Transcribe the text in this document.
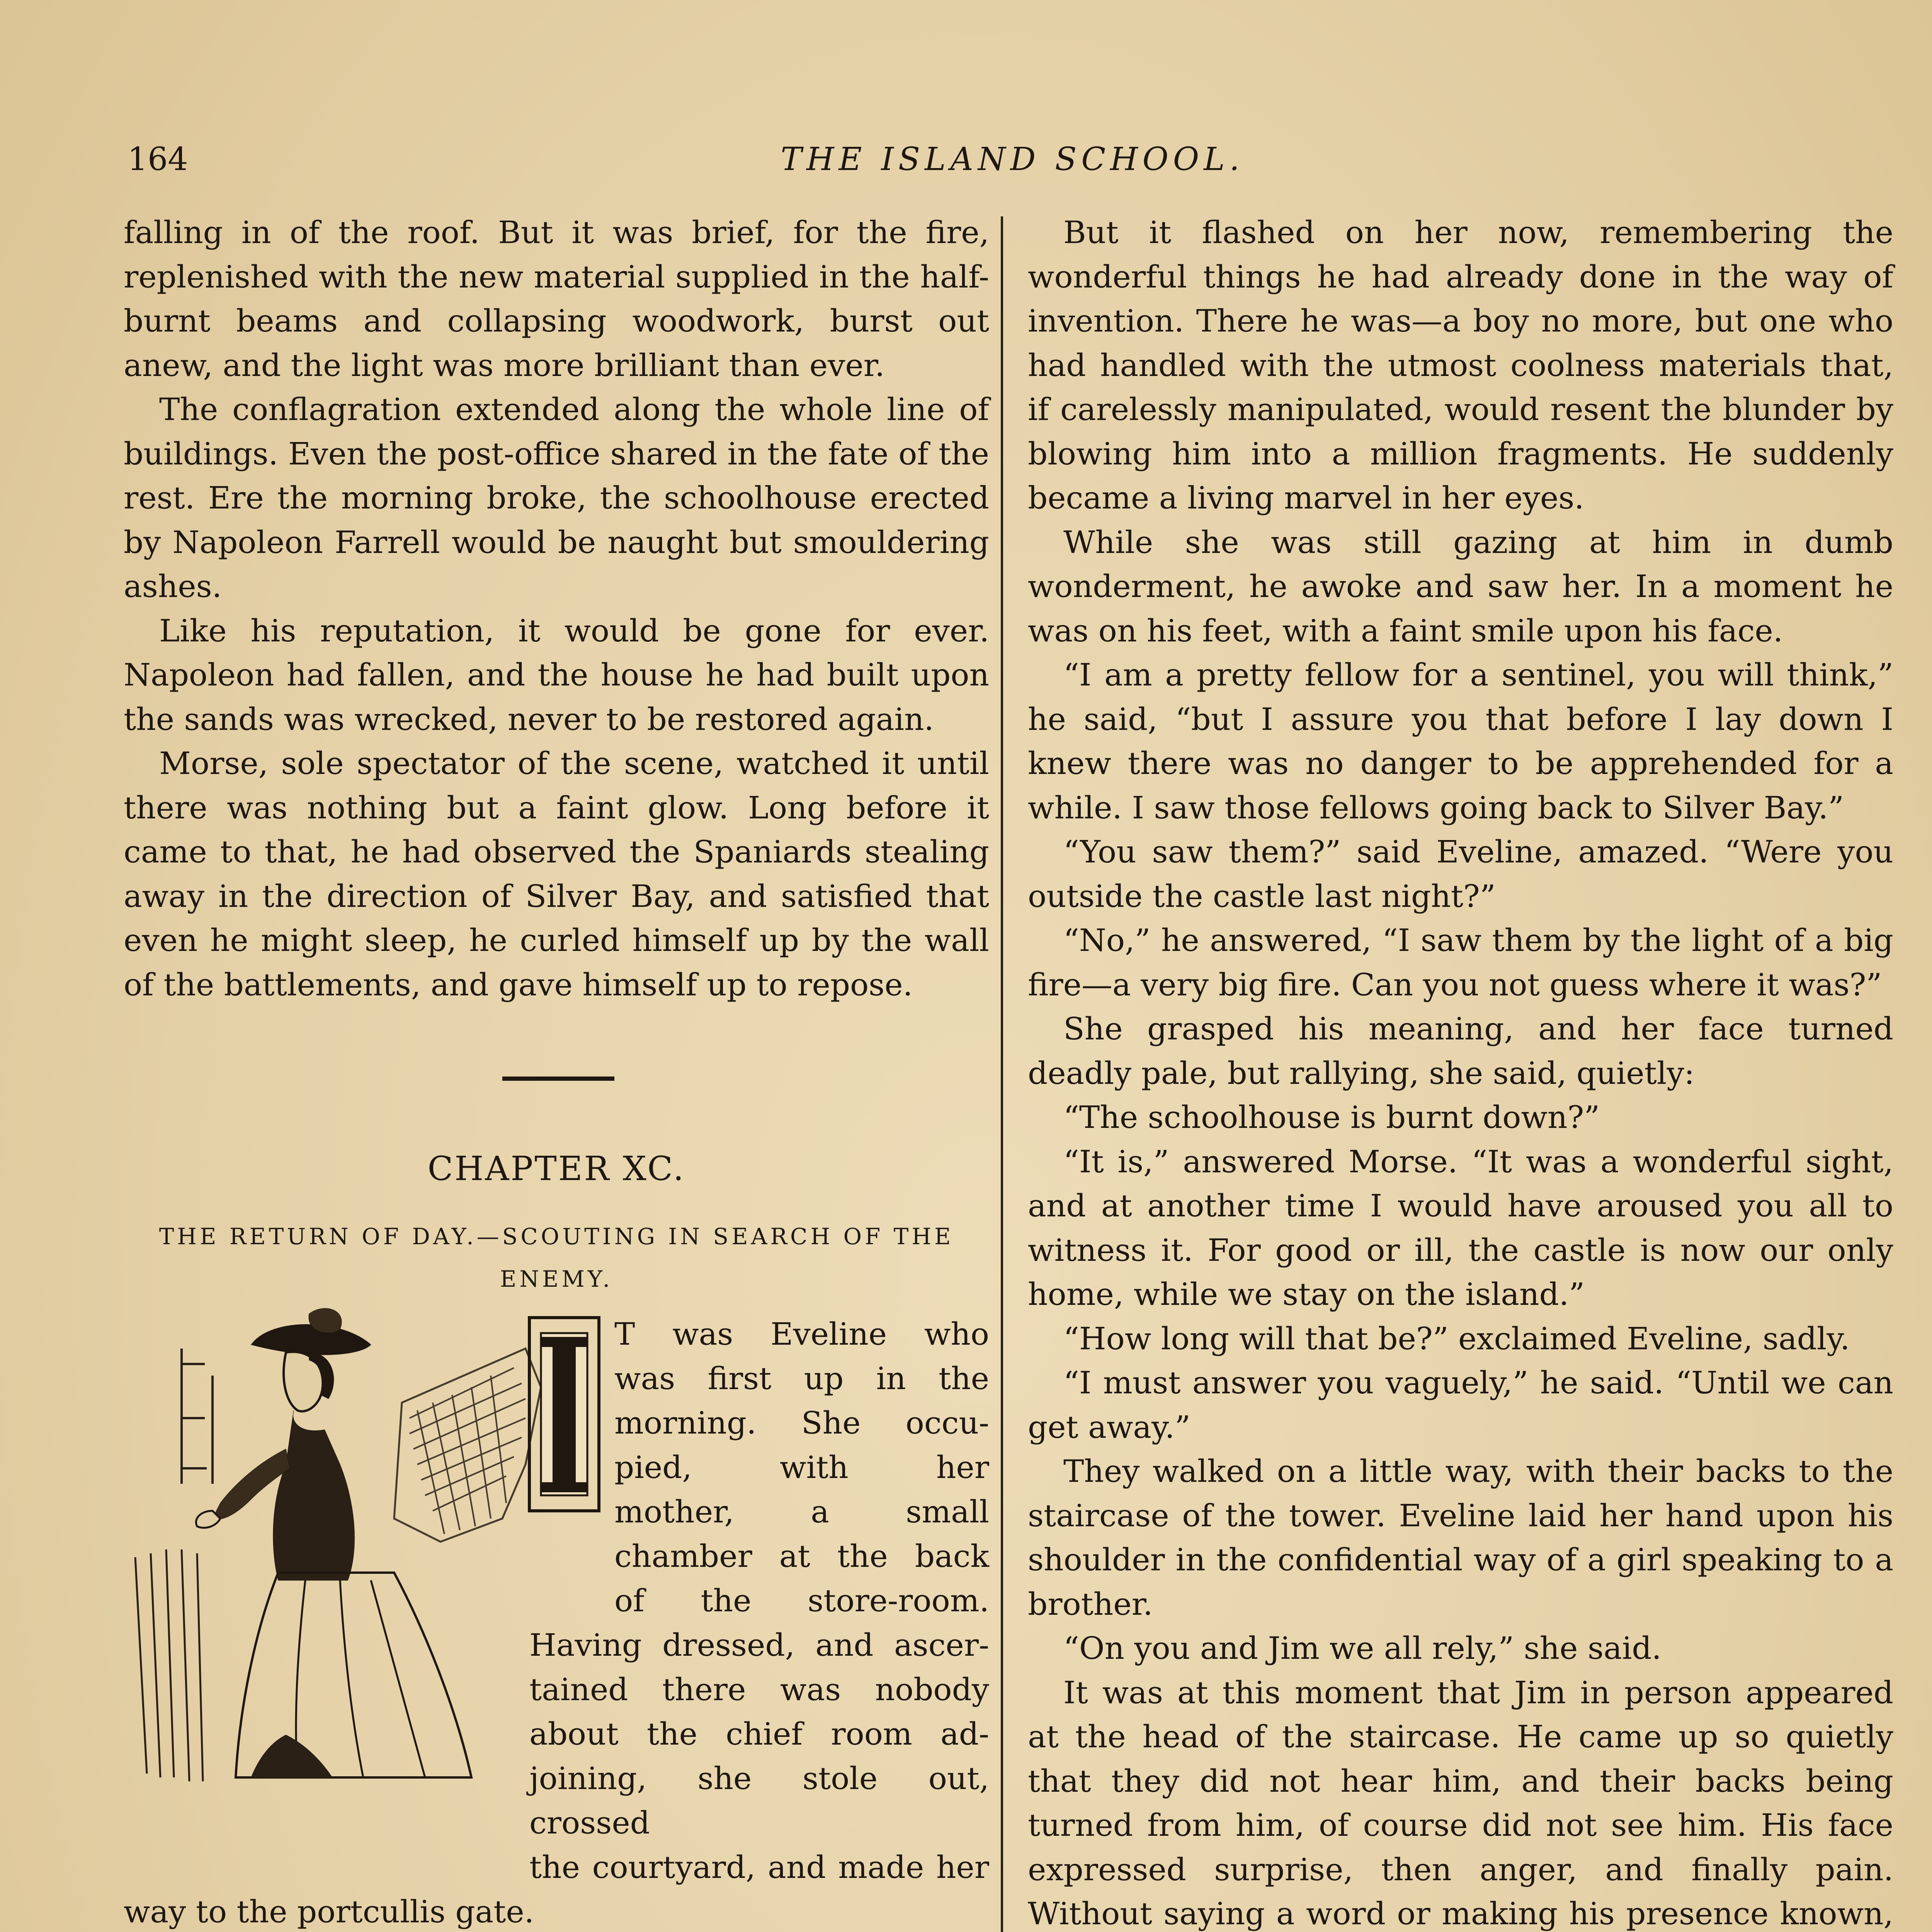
164	THE ISLAND SCHOOL.

falling in of the roof. But it was brief, for the fire, replenished with the new material supplied in the half-burnt beams and collapsing woodwork, burst out anew, and the light was more brilliant than ever.

The conflagration extended along the whole line of buildings. Even the post-office shared in the fate of the rest. Ere the morning broke, the schoolhouse erected by Napoleon Farrell would be naught but smouldering ashes.

Like his reputation, it would be gone for ever. Napoleon had fallen, and the house he had built upon the sands was wrecked, never to be restored again.

Morse, sole spectator of the scene, watched it until there was nothing but a faint glow. Long before it came to that, he had observed the Spaniards stealing away in the direction of Silver Bay, and satisfied that even he might sleep, he curled himself up by the wall of the battlements, and gave himself up to repose.

CHAPTER XC.
THE RETURN OF DAY.—SCOUTING IN SEARCH OF THE ENEMY.
T was Eveline who
was first up in the
morning. She occu-
pied, with her
mother, a small
chamber at the back
of the store-room.
Having dressed, and ascer-
tained there was nobody
about the chief room ad-
joining, she stole out, crossed
the courtyard, and made her
way to the portcullis gate.

But it flashed on her now, remembering the wonderful things he had already done in the way of invention. There he was—a boy no more, but one who had handled with the utmost coolness materials that, if carelessly manipulated, would resent the blunder by blowing him into a million fragments. He suddenly became a living marvel in her eyes.

While she was still gazing at him in dumb wonderment, he awoke and saw her. In a moment he was on his feet, with a faint smile upon his face.

“I am a pretty fellow for a sentinel, you will think,” he said, “but I assure you that before I lay down I knew there was no danger to be apprehended for a while. I saw those fellows going back to Silver Bay.”

“You saw them?” said Eveline, amazed. “Were you outside the castle last night?”

“No,” he answered, “I saw them by the light of a big fire—a very big fire. Can you not guess where it was?”

She grasped his meaning, and her face turned deadly pale, but rallying, she said, quietly:

“The schoolhouse is burnt down?”

“It is,” answered Morse. “It was a wonderful sight, and at another time I would have aroused you all to witness it. For good or ill, the castle is now our only home, while we stay on the island.”

“How long will that be?” exclaimed Eveline, sadly.

“I must answer you vaguely,” he said. “Until we can get away.”

They walked on a little way, with their backs to the staircase of the tower. Eveline laid her hand upon his shoulder in the confidential way of a girl speaking to a brother.

“On you and Jim we all rely,” she said.

It was at this moment that Jim in person appeared at the head of the staircase. He came up so quietly that they did not hear him, and their backs being turned from him, of course did not see him. His face expressed surprise, then anger, and finally pain. Without saying a word or making his presence known,
